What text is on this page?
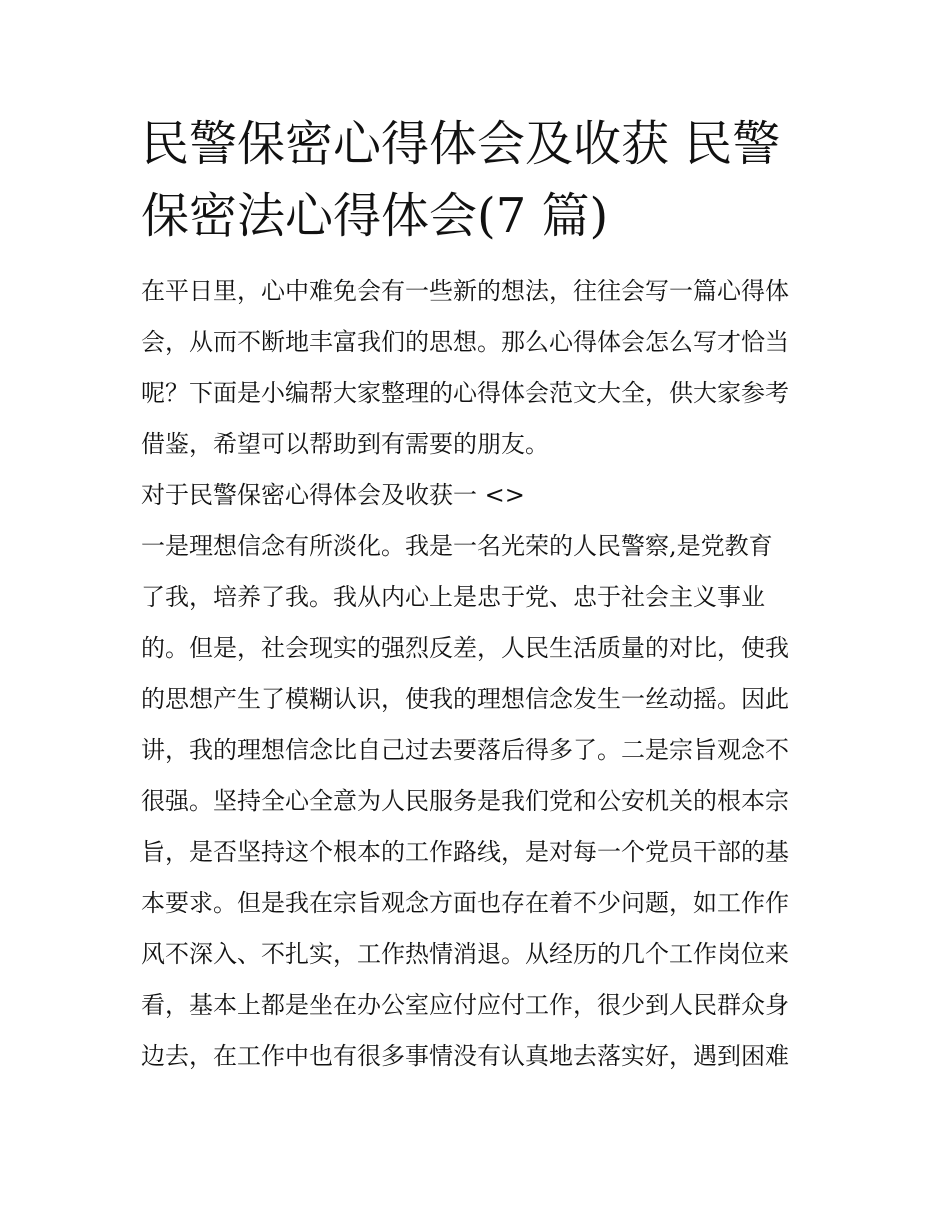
民警保密心得体会及收获 民警
保密法心得体会(7 篇)
在平日里，心中难免会有一些新的想法，往往会写一篇心得体
会，从而不断地丰富我们的思想。那么心得体会怎么写才恰当
呢？下面是小编帮大家整理的心得体会范文大全，供大家参考
借鉴，希望可以帮助到有需要的朋友。
对于民警保密心得体会及收获一 <>
一是理想信念有所淡化。我是一名光荣的人民警察,是党教育
了我，培养了我。我从内心上是忠于党、忠于社会主义事业
的。但是，社会现实的强烈反差，人民生活质量的对比，使我
的思想产生了模糊认识，使我的理想信念发生一丝动摇。因此
讲，我的理想信念比自己过去要落后得多了。二是宗旨观念不
很强。坚持全心全意为人民服务是我们党和公安机关的根本宗
旨，是否坚持这个根本的工作路线，是对每一个党员干部的基
本要求。但是我在宗旨观念方面也存在着不少问题，如工作作
风不深入、不扎实，工作热情消退。从经历的几个工作岗位来
看，基本上都是坐在办公室应付应付工作，很少到人民群众身
边去，在工作中也有很多事情没有认真地去落实好，遇到困难
